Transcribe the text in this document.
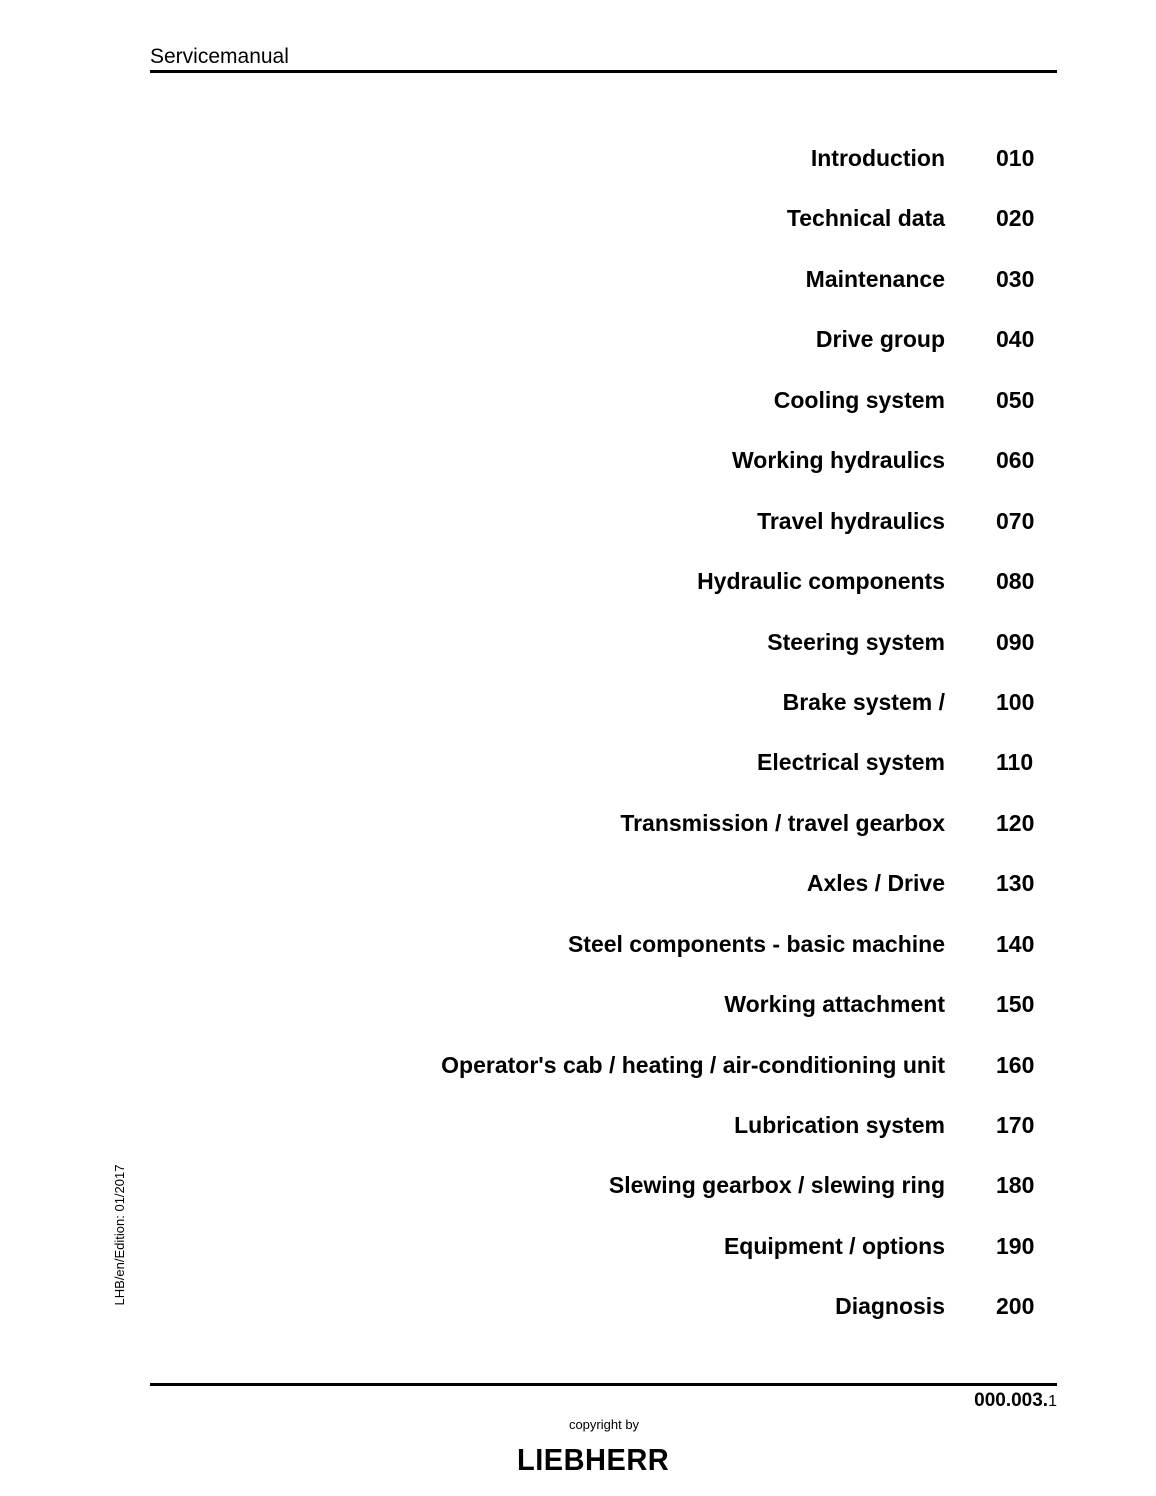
Servicemanual
Introduction 010
Technical data 020
Maintenance 030
Drive group 040
Cooling system 050
Working hydraulics 060
Travel hydraulics 070
Hydraulic components 080
Steering system 090
Brake system / 100
Electrical system 110
Transmission / travel gearbox 120
Axles / Drive 130
Steel components - basic machine 140
Working attachment 150
Operator's cab / heating / air-conditioning unit 160
Lubrication system 170
Slewing gearbox / slewing ring 180
Equipment / options 190
Diagnosis 200
LHB/en/Edition: 01/2017
000.003.1
copyright by
LIEBHERR
